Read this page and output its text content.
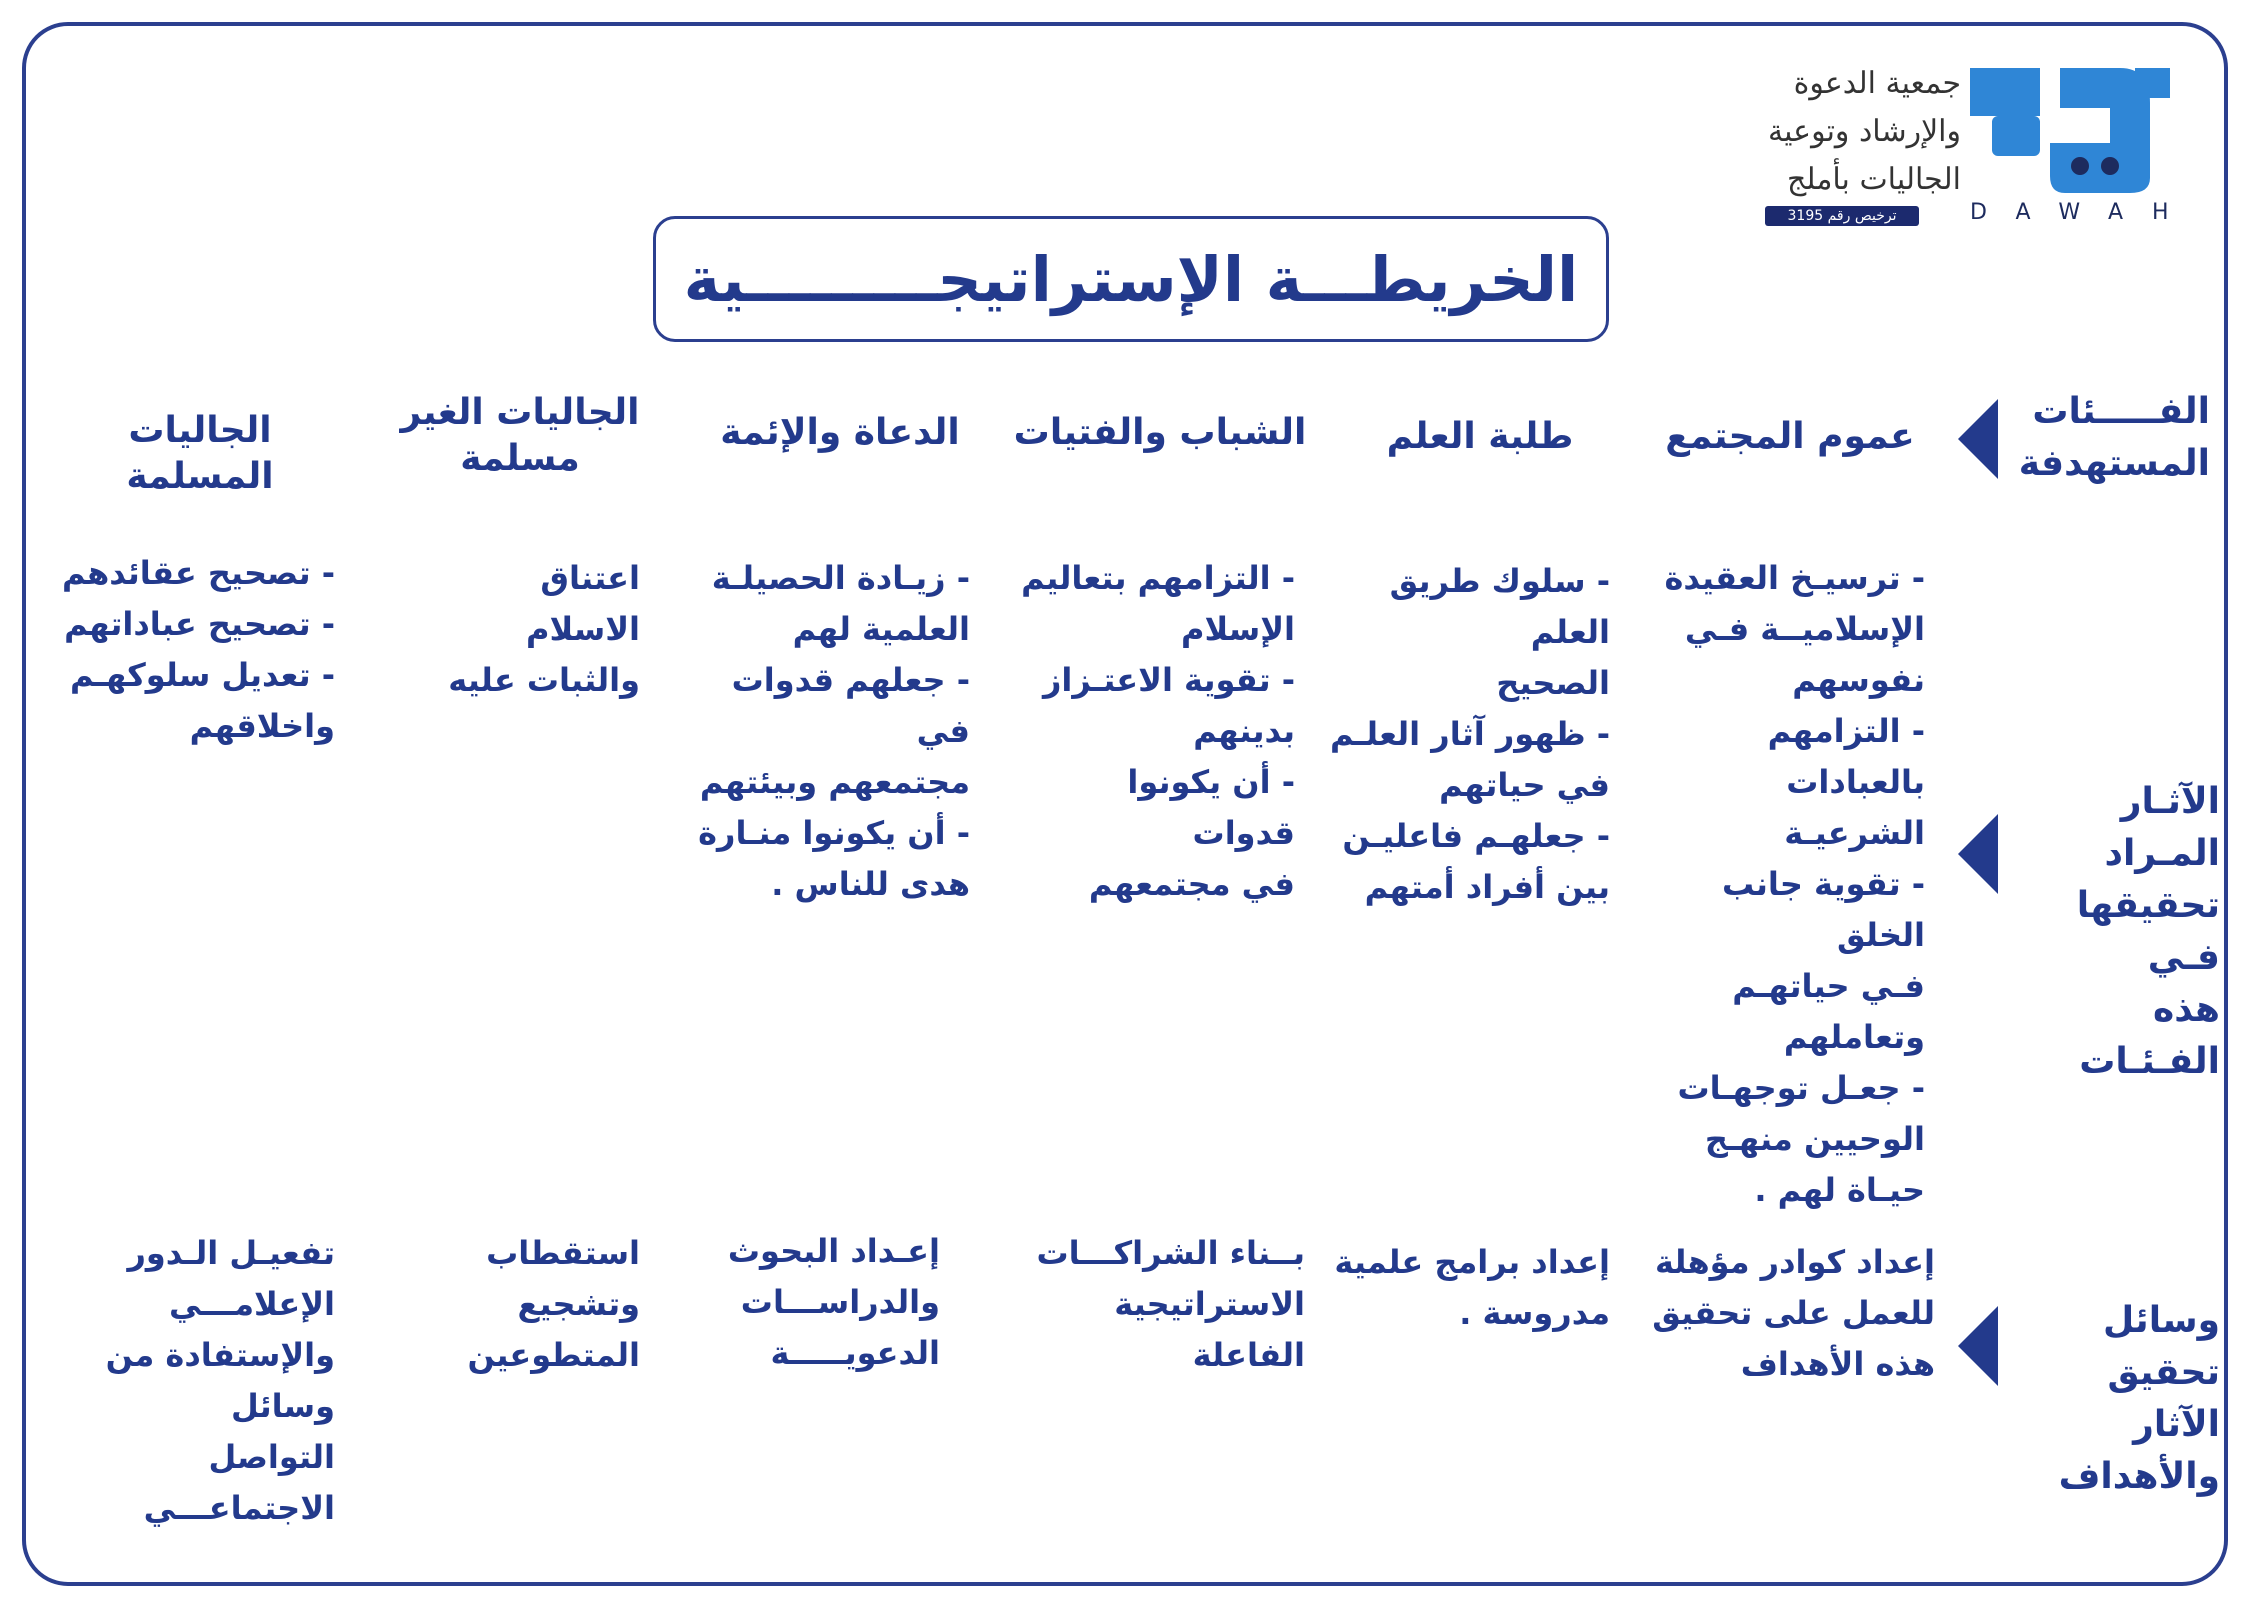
DAWAH
جمعية الدعوة
والإرشاد وتوعية
الجاليات بأملج
ترخيص رقم 3195
الخريطـــة الإستراتيجـــــــــية
الفـــــئات
المستهدفة
الآثـار المـراد
تحقيقها فـي
هذه الفـئـات
وسائل تحقيق
الآثار والأهداف
عموم المجتمع
طلبة العلم
الشباب والفتيات
الدعاة والإئمة
الجاليات الغير
مسلمة
الجاليات المسلمة
- ترسيـخ العقيدة
الإسلاميــة فـي
نفوسهم
- التزامهم بالعبادات
الشرعيـة
- تقوية جانب الخلق
فـي حياتهـم
وتعاملهم
- جعـل توجهـات
الوحيين منهـج
حيـاة لهم .
- سلوك طريق العلم
الصحيح
- ظهور آثار العلـم
في حياتهم
- جعلهـم فاعليـن
بين أفراد أمتهم
- التزامهم بتعاليم
الإسلام
- تقوية الاعتـزاز
بدينهم
- أن يكونوا قدوات
في مجتمعهم
- زيـادة الحصيلـة
العلمية لهم
- جعلهم قدوات في
مجتمعهم وبيئتهم
- أن يكونوا منـارة
هدى للناس .
اعتناق الاسلام
والثبات عليه
- تصحيح عقائدهم
- تصحيح عباداتهم
- تعديل سلوكهـم
واخلاقهم
إعداد كوادر مؤهلة
للعمل على تحقيق
هذه الأهداف
إعداد برامج علمية
مدروسة .
بــناء الشراكـــات
الاستراتيجية الفاعلة
إعـداد البحوث
والدراســـات
الدعويـــــة
استقطاب وتشجيع
المتطوعين
تفعيـل الـدور
الإعلامـــي
والإستفادة من
وسائل التواصل
الاجتماعـــي
